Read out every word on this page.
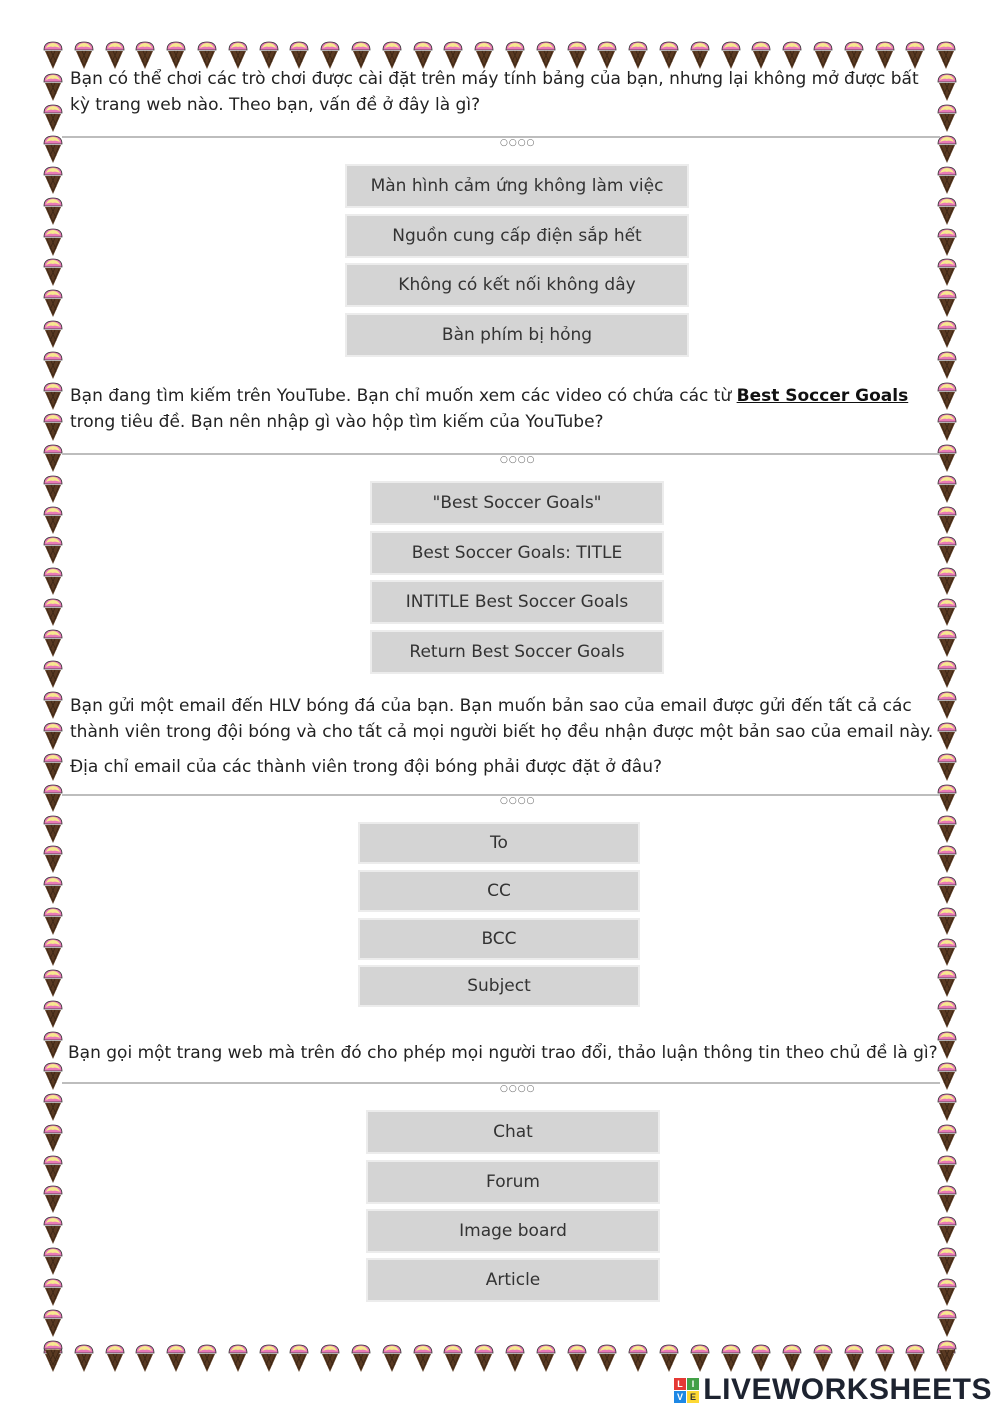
Bạn có thể chơi các trò chơi được cài đặt trên máy tính bảng của bạn, nhưng lại không mở được bất kỳ trang web nào. Theo bạn, vấn đề ở đây là gì?

○○○○
Màn hình cảm ứng không làm việc
Nguồn cung cấp điện sắp hết
Không có kết nối không dây
Bàn phím bị hỏng

Bạn đang tìm kiếm trên YouTube. Bạn chỉ muốn xem các video có chứa các từ Best Soccer Goals trong tiêu đề. Bạn nên nhập gì vào hộp tìm kiếm của YouTube?

○○○○
"Best Soccer Goals"
Best Soccer Goals: TITLE
INTITLE Best Soccer Goals
Return Best Soccer Goals

Bạn gửi một email đến HLV bóng đá của bạn. Bạn muốn bản sao của email được gửi đến tất cả các thành viên trong đội bóng và cho tất cả mọi người biết họ đều nhận được một bản sao của email này.

Địa chỉ email của các thành viên trong đội bóng phải được đặt ở đâu?

○○○○
To
CC
BCC
Subject

Bạn gọi một trang web mà trên đó cho phép mọi người trao đổi, thảo luận thông tin theo chủ đề là gì?

○○○○
Chat
Forum
Image board
Article
L I
V E LIVEWORKSHEETS
